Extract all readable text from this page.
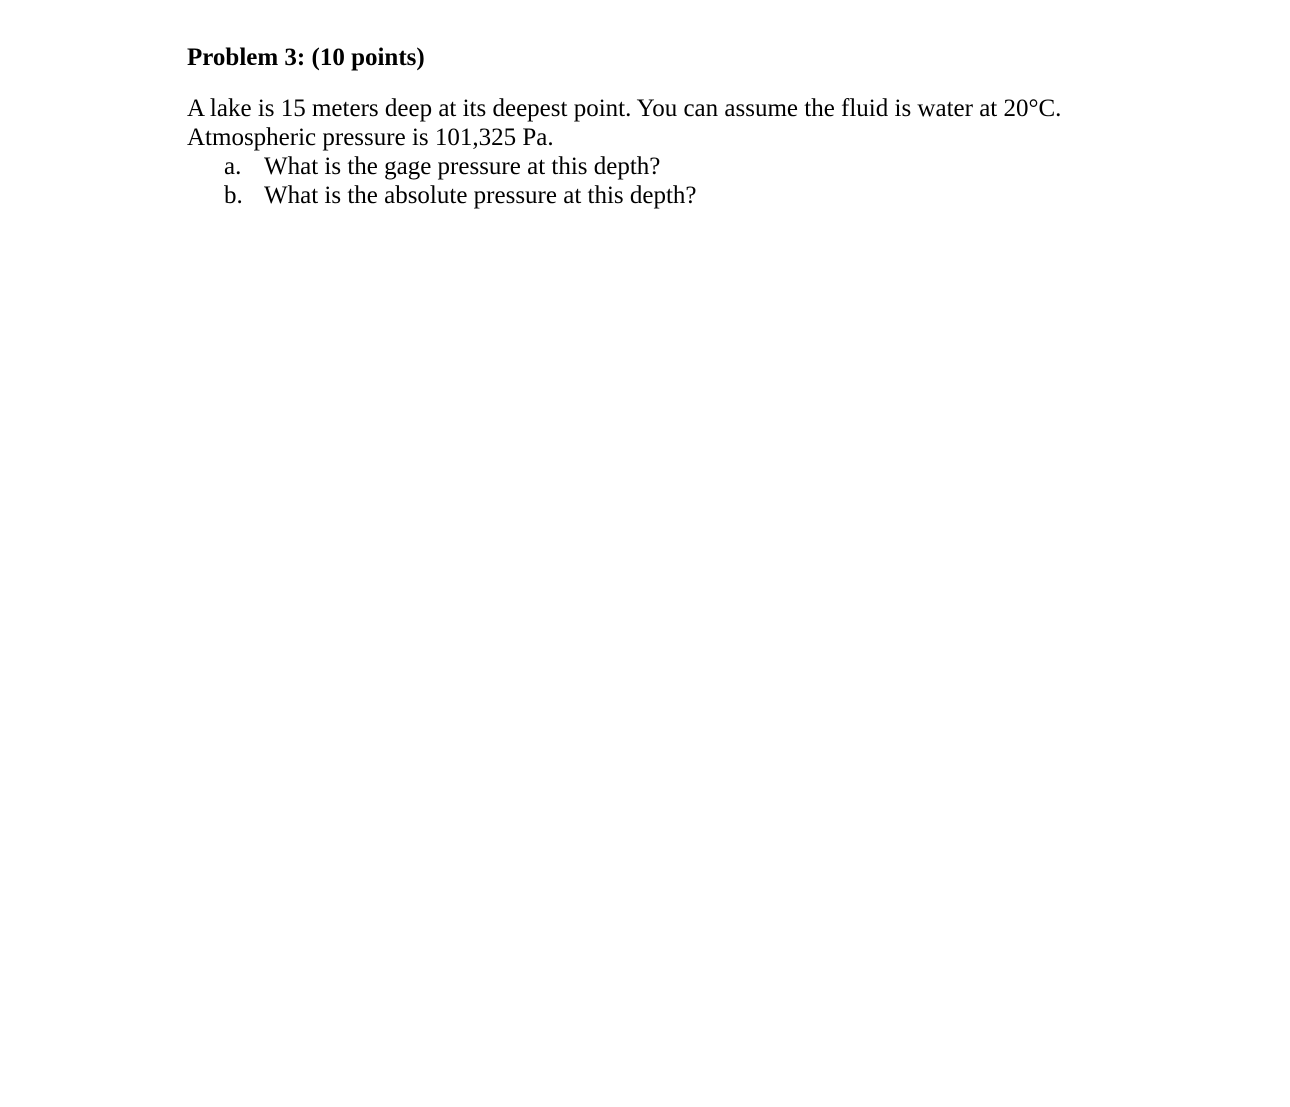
Problem 3: (10 points)

A lake is 15 meters deep at its deepest point. You can assume the fluid is water at 20°C.
Atmospheric pressure is 101,325 Pa.

a. What is the gage pressure at this depth?
b. What is the absolute pressure at this depth?
